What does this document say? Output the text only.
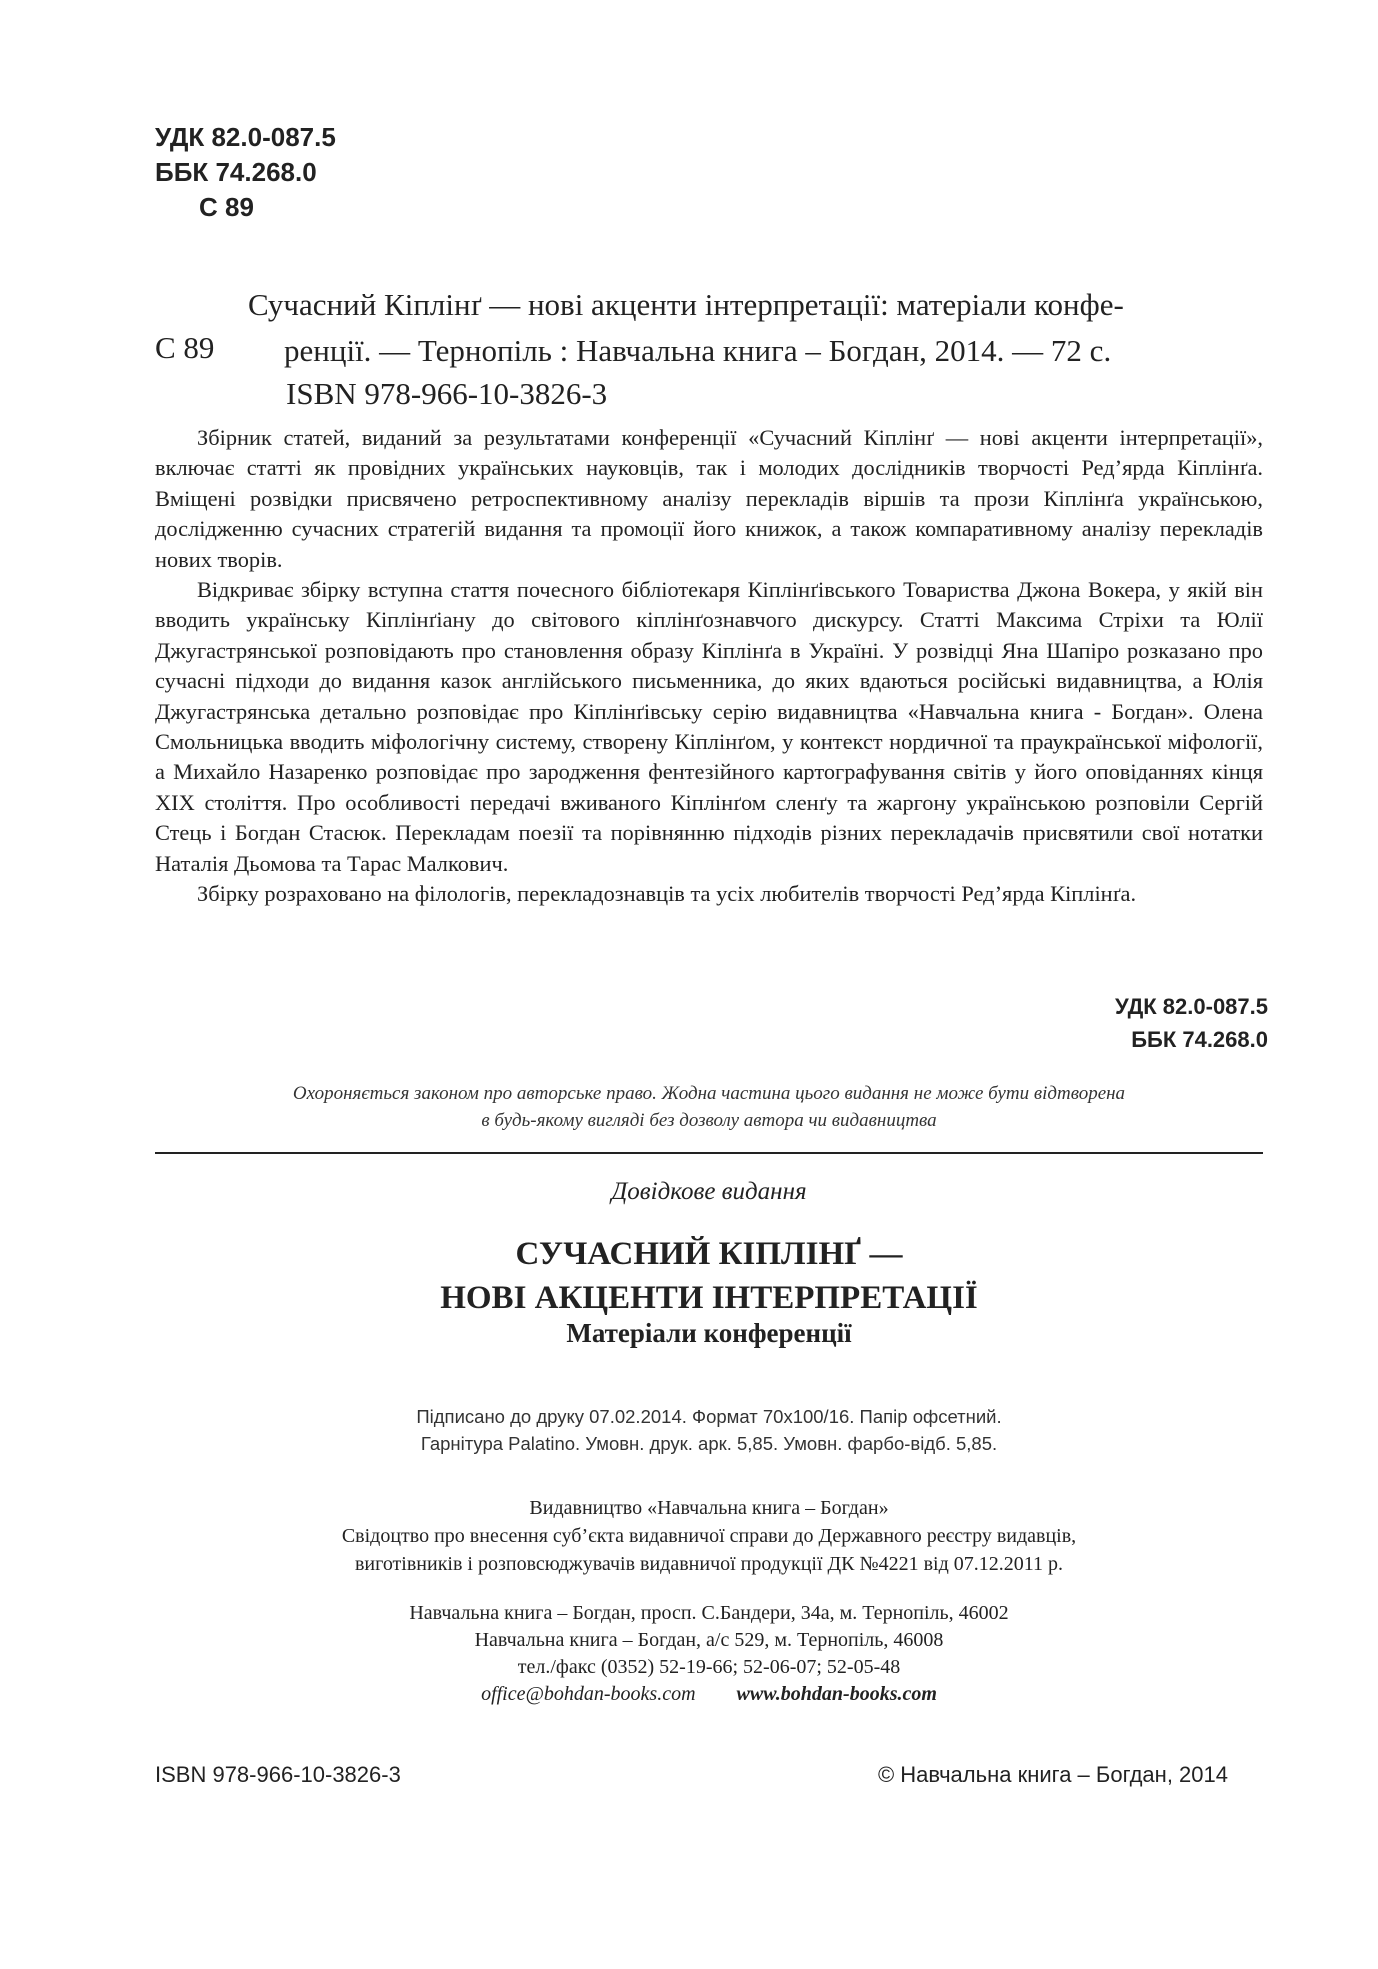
УДК 82.0-087.5
ББК 74.268.0
С 89
С 89
Сучасний Кіплінґ — нові акценти інтерпретації: матеріали конфе-
ренції. — Тернопіль : Навчальна книга – Богдан, 2014. — 72 с.
ISBN 978-966-10-3826-3

Збірник статей, виданий за результатами конференції «Сучасний Кіплінґ — нові акценти інтерпретації», включає статті як провідних українських науковців, так і молодих дослідників творчості Ред’ярда Кіплінґа. Вміщені розвідки присвячено ретроспективному аналізу перекладів віршів та прози Кіплінґа українською, дослідженню сучасних стратегій видання та промоції його книжок, а також компаративному аналізу перекладів нових творів.

Відкриває збірку вступна стаття почесного бібліотекаря Кіплінґівського Товариства Джона Вокера, у якій він вводить українську Кіплінґіану до світового кіплінґознавчого дискурсу. Статті Максима Стріхи та Юлії Джугастрянської розповідають про становлення образу Кіплінґа в Україні. У розвідці Яна Шапіро розказано про сучасні підходи до видання казок англійського письменника, до яких вдаються російські видавництва, а Юлія Джугастрянська детально розповідає про Кіплінґівську серію видавництва «Навчальна книга - Богдан». Олена Смольницька вводить міфологічну систему, створену Кіплінґом, у контекст нордичної та праукраїнської міфології, а Михайло Назаренко розповідає про зародження фентезійного картографування світів у його оповіданнях кінця XIX століття. Про особливості передачі вживаного Кіплінґом сленґу та жаргону українською розповіли Сергій Стець і Богдан Стасюк. Перекладам поезії та порівнянню підходів різних перекладачів присвятили свої нотатки Наталія Дьомова та Тарас Малкович.

Збірку розраховано на філологів, перекладознавців та усіх любителів творчості Ред’ярда Кіплінґа.

УДК 82.0-087.5
ББК 74.268.0
Охороняється законом про авторське право. Жодна частина цього видання не може бути відтворена
в будь-якому вигляді без дозволу автора чи видавництва
Довідкове видання
СУЧАСНИЙ КІПЛІНҐ —
НОВІ АКЦЕНТИ ІНТЕРПРЕТАЦІЇ
Матеріали конференції
Підписано до друку 07.02.2014. Формат 70x100/16. Папір офсетний.
Гарнітура Palatino. Умовн. друк. арк. 5,85. Умовн. фарбо-відб. 5,85.
Видавництво «Навчальна книга – Богдан»
Свідоцтво про внесення суб’єкта видавничої справи до Державного реєстру видавців,
виготівників і розповсюджувачів видавничої продукції ДК №4221 від 07.12.2011 р.
Навчальна книга – Богдан, просп. С.Бандери, 34а, м. Тернопіль, 46002
Навчальна книга – Богдан, а/с 529, м. Тернопіль, 46008
тел./факс (0352) 52-19-66; 52-06-07; 52-05-48
office@bohdan-books.com www.bohdan-books.com
ISBN 978-966-10-3826-3	© Навчальна книга – Богдан, 2014
